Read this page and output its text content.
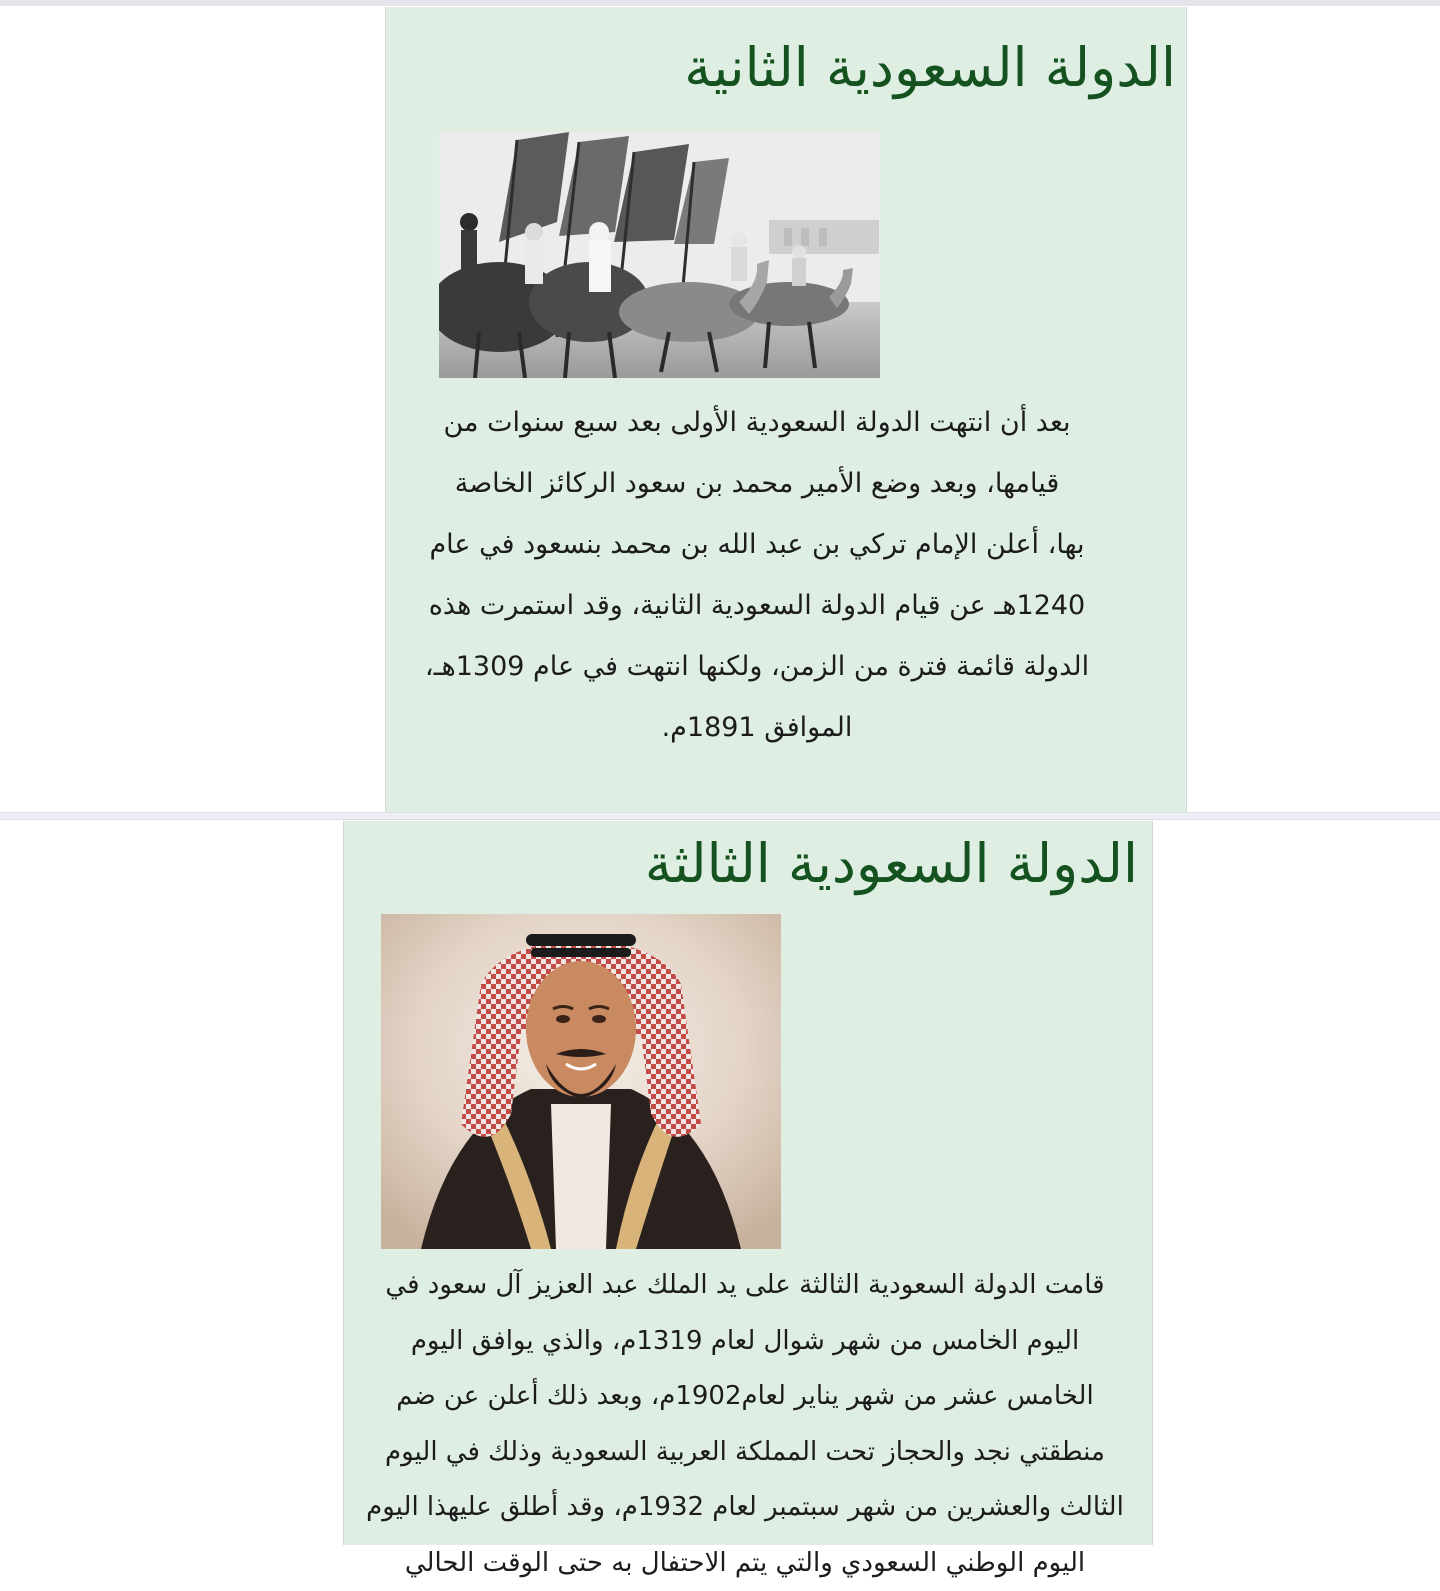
الدولة السعودية الثانية

بعد أن انتهت الدولة السعودية الأولى بعد سبع سنوات من
قيامها، وبعد وضع الأمير محمد بن سعود الركائز الخاصة
بها، أعلن الإمام تركي بن عبد الله بن محمد بنسعود في عام
1240هـ عن قيام الدولة السعودية الثانية، وقد استمرت هذه
الدولة قائمة فترة من الزمن، ولكنها انتهت في عام 1309هـ،
الموافق 1891م.

الدولة السعودية الثالثة

قامت الدولة السعودية الثالثة على يد الملك عبد العزيز آل سعود في
اليوم الخامس من شهر شوال لعام 1319م، والذي يوافق اليوم
الخامس عشر من شهر يناير لعام1902م، وبعد ذلك أعلن عن ضم
منطقتي نجد والحجاز تحت المملكة العربية السعودية وذلك في اليوم
الثالث والعشرين من شهر سبتمبر لعام 1932م، وقد أطلق عليهذا اليوم
اليوم الوطني السعودي والتي يتم الاحتفال به حتى الوقت الحالي
